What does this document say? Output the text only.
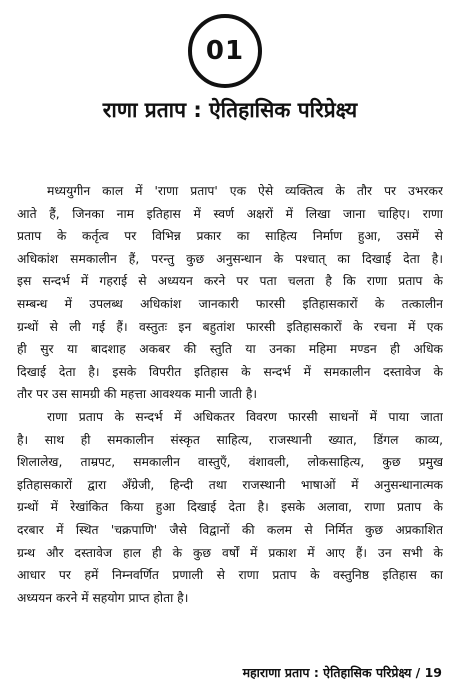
01
राणा प्रताप : ऐतिहासिक परिप्रेक्ष्य
मध्ययुगीन काल में 'राणा प्रताप' एक ऐसे व्यक्तित्व के तौर पर उभरकर
आते हैं, जिनका नाम इतिहास में स्वर्ण अक्षरों में लिखा जाना चाहिए। राणा
प्रताप के कर्तृत्व पर विभिन्न प्रकार का साहित्य निर्माण हुआ, उसमें से
अधिकांश समकालीन हैं, परन्तु कुछ अनुसन्धान के पश्चात् का दिखाई देता है।
इस सन्दर्भ में गहराई से अध्ययन करने पर पता चलता है कि राणा प्रताप के
सम्बन्ध में उपलब्ध अधिकांश जानकारी फारसी इतिहासकारों के तत्कालीन
ग्रन्थों से ली गई हैं। वस्तुतः इन बहुतांश फारसी इतिहासकारों के रचना में एक
ही सुर या बादशाह अकबर की स्तुति या उनका महिमा मण्डन ही अधिक
दिखाई देता है। इसके विपरीत इतिहास के सन्दर्भ में समकालीन दस्तावेज के
तौर पर उस सामग्री की महत्ता आवश्यक मानी जाती है।
राणा प्रताप के सन्दर्भ में अधिकतर विवरण फारसी साधनों में पाया जाता
है। साथ ही समकालीन संस्कृत साहित्य, राजस्थानी ख्यात, डिंगल काव्य,
शिलालेख, ताम्रपट, समकालीन वास्तुएँ, वंशावली, लोकसाहित्य, कुछ प्रमुख
इतिहासकारों द्वारा अँग्रेजी, हिन्दी तथा राजस्थानी भाषाओं में अनुसन्धानात्मक
ग्रन्थों में रेखांकित किया हुआ दिखाई देता है। इसके अलावा, राणा प्रताप के
दरबार में स्थित 'चक्रपाणि' जैसे विद्वानों की कलम से निर्मित कुछ अप्रकाशित
ग्रन्थ और दस्तावेज हाल ही के कुछ वर्षों में प्रकाश में आए हैं। उन सभी के
आधार पर हमें निम्नवर्णित प्रणाली से राणा प्रताप के वस्तुनिष्ठ इतिहास का
अध्ययन करने में सहयोग प्राप्त होता है।
महाराणा प्रताप : ऐतिहासिक परिप्रेक्ष्य / 19
